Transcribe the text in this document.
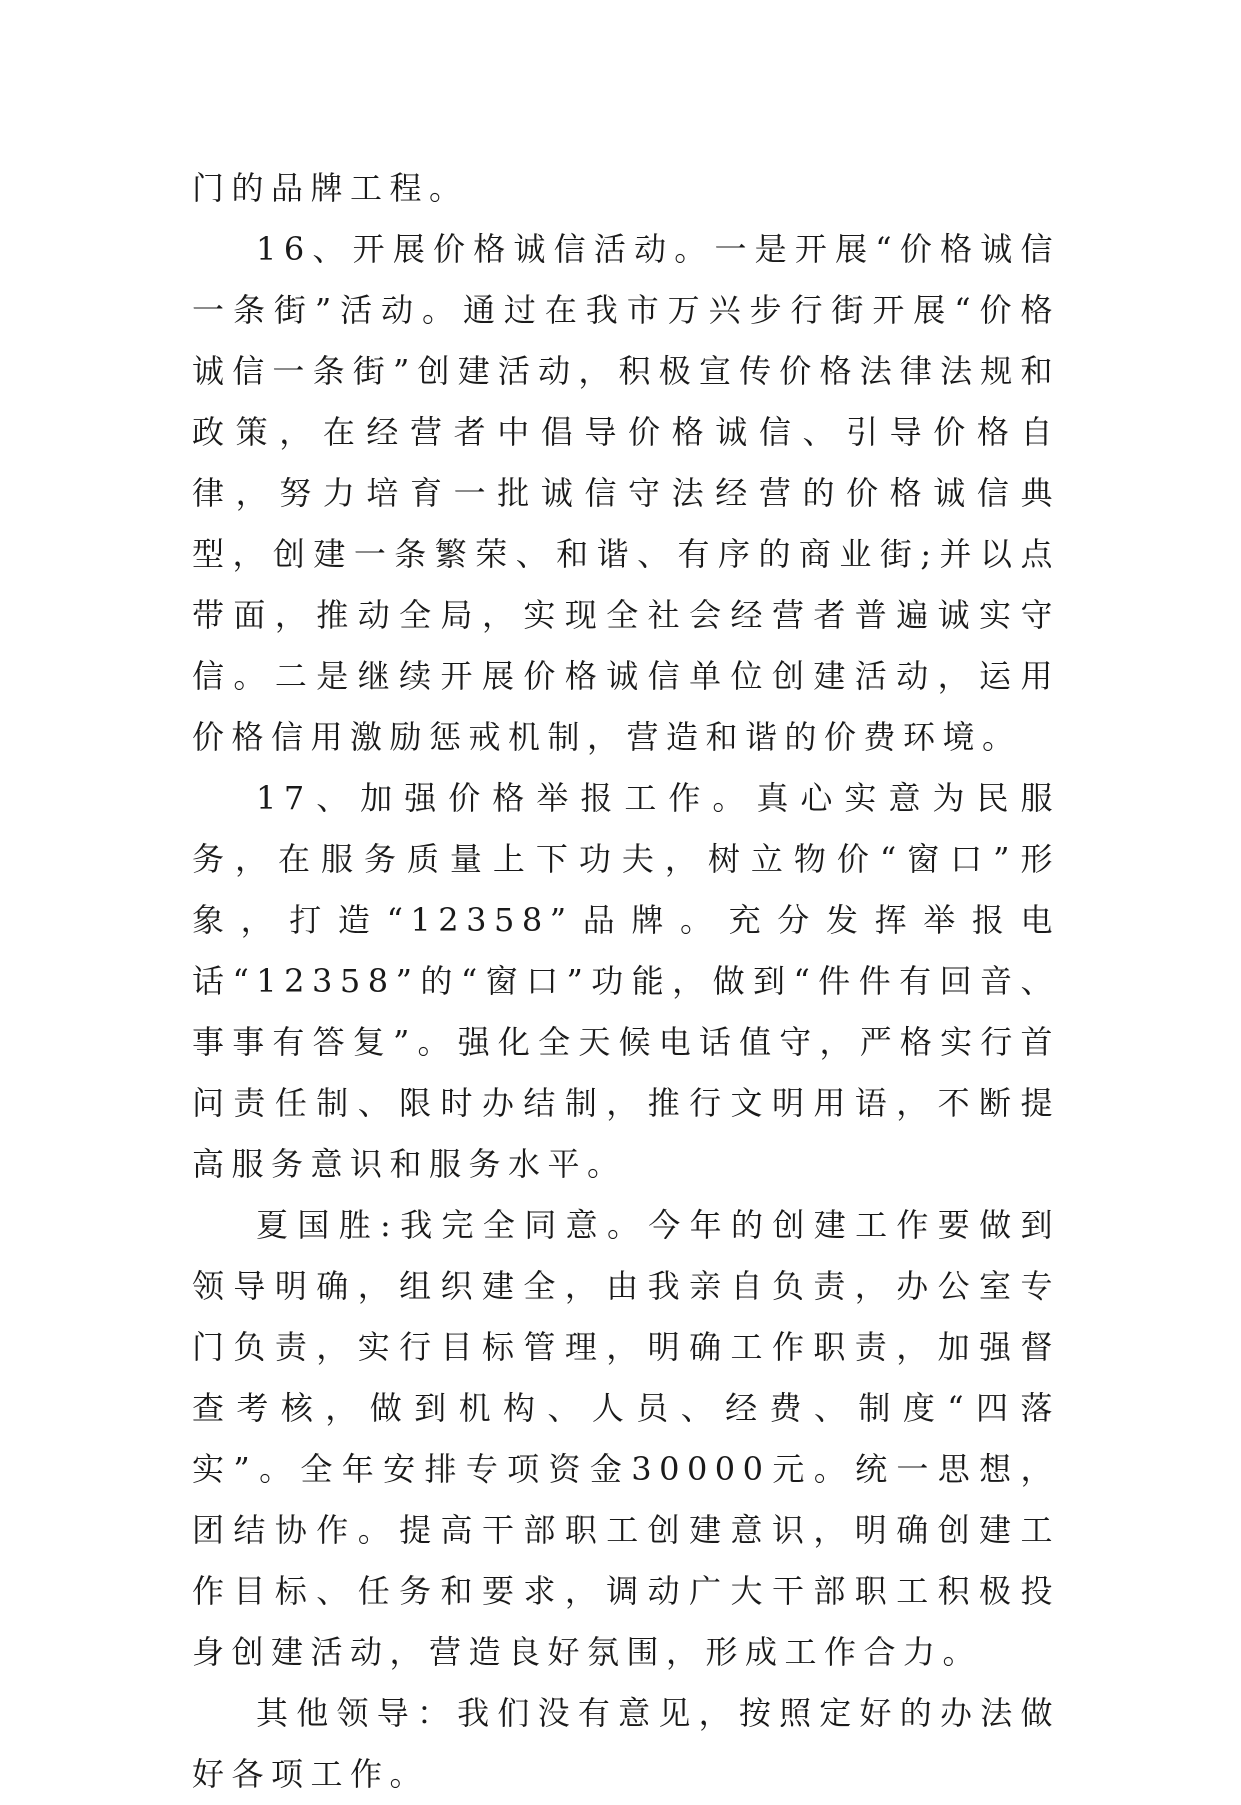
门的品牌工程。

16、开展价格诚信活动。一是开展“价格诚信一条街”活动。通过在我市万兴步行街开展“价格诚信一条街”创建活动，积极宣传价格法律法规和政策，在经营者中倡导价格诚信、引导价格自律，努力培育一批诚信守法经营的价格诚信典型，创建一条繁荣、和谐、有序的商业街;并以点带面，推动全局，实现全社会经营者普遍诚实守信。二是继续开展价格诚信单位创建活动，运用价格信用激励惩戒机制，营造和谐的价费环境。

17、加强价格举报工作。真心实意为民服务，在服务质量上下功夫，树立物价“窗口”形象，打造“12358”品牌。充分发挥举报电话“12358”的“窗口”功能，做到“件件有回音、事事有答复”。强化全天候电话值守，严格实行首问责任制、限时办结制，推行文明用语，不断提高服务意识和服务水平。

夏国胜:我完全同意。今年的创建工作要做到领导明确，组织建全，由我亲自负责，办公室专门负责，实行目标管理，明确工作职责，加强督查考核，做到机构、人员、经费、制度“四落实”。全年安排专项资金30000元。统一思想，团结协作。提高干部职工创建意识，明确创建工作目标、任务和要求，调动广大干部职工积极投身创建活动，营造良好氛围，形成工作合力。

其他领导：我们没有意见，按照定好的办法做好各项工作。
